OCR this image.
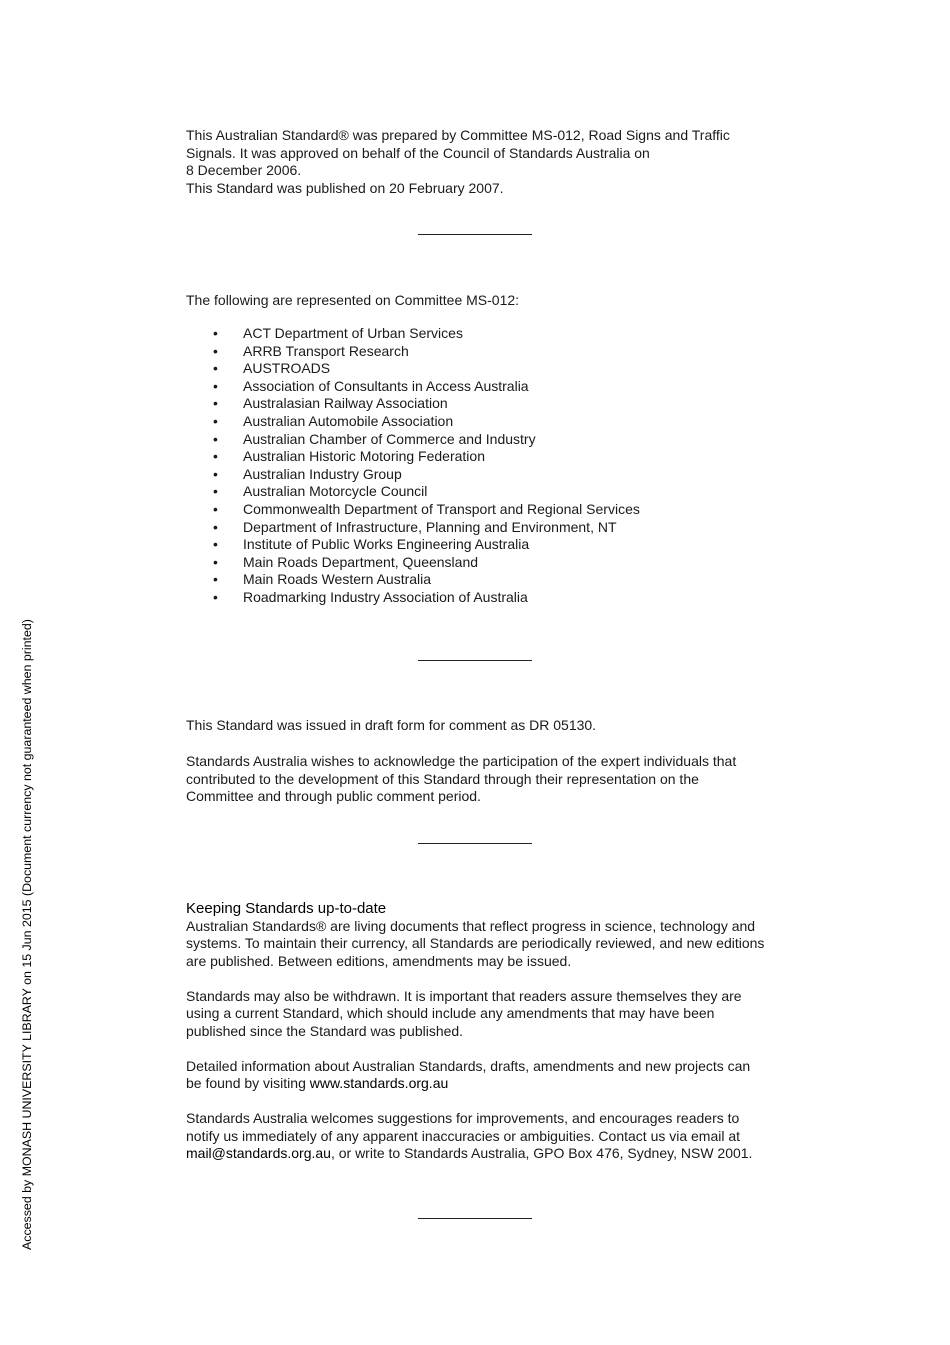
This Australian Standard® was prepared by Committee MS-012, Road Signs and Traffic
Signals. It was approved on behalf of the Council of Standards Australia on
8 December 2006.
This Standard was published on 20 February 2007.
The following are represented on Committee MS-012:
• ACT Department of Urban Services
• ARRB Transport Research
• AUSTROADS
• Association of Consultants in Access Australia
• Australasian Railway Association
• Australian Automobile Association
• Australian Chamber of Commerce and Industry
• Australian Historic Motoring Federation
• Australian Industry Group
• Australian Motorcycle Council
• Commonwealth Department of Transport and Regional Services
• Department of Infrastructure, Planning and Environment, NT
• Institute of Public Works Engineering Australia
• Main Roads Department, Queensland
• Main Roads Western Australia
• Roadmarking Industry Association of Australia
This Standard was issued in draft form for comment as DR 05130.
Standards Australia wishes to acknowledge the participation of the expert individuals that
contributed to the development of this Standard through their representation on the
Committee and through public comment period.
Keeping Standards up-to-date
Australian Standards® are living documents that reflect progress in science, technology and
systems. To maintain their currency, all Standards are periodically reviewed, and new editions
are published. Between editions, amendments may be issued.
Standards may also be withdrawn. It is important that readers assure themselves they are
using a current Standard, which should include any amendments that may have been
published since the Standard was published.
Detailed information about Australian Standards, drafts, amendments and new projects can
be found by visiting www.standards.org.au
Standards Australia welcomes suggestions for improvements, and encourages readers to
notify us immediately of any apparent inaccuracies or ambiguities. Contact us via email at
mail@standards.org.au, or write to Standards Australia, GPO Box 476, Sydney, NSW 2001.
Accessed by MONASH UNIVERSITY LIBRARY on 15 Jun 2015 (Document currency not guaranteed when printed)
